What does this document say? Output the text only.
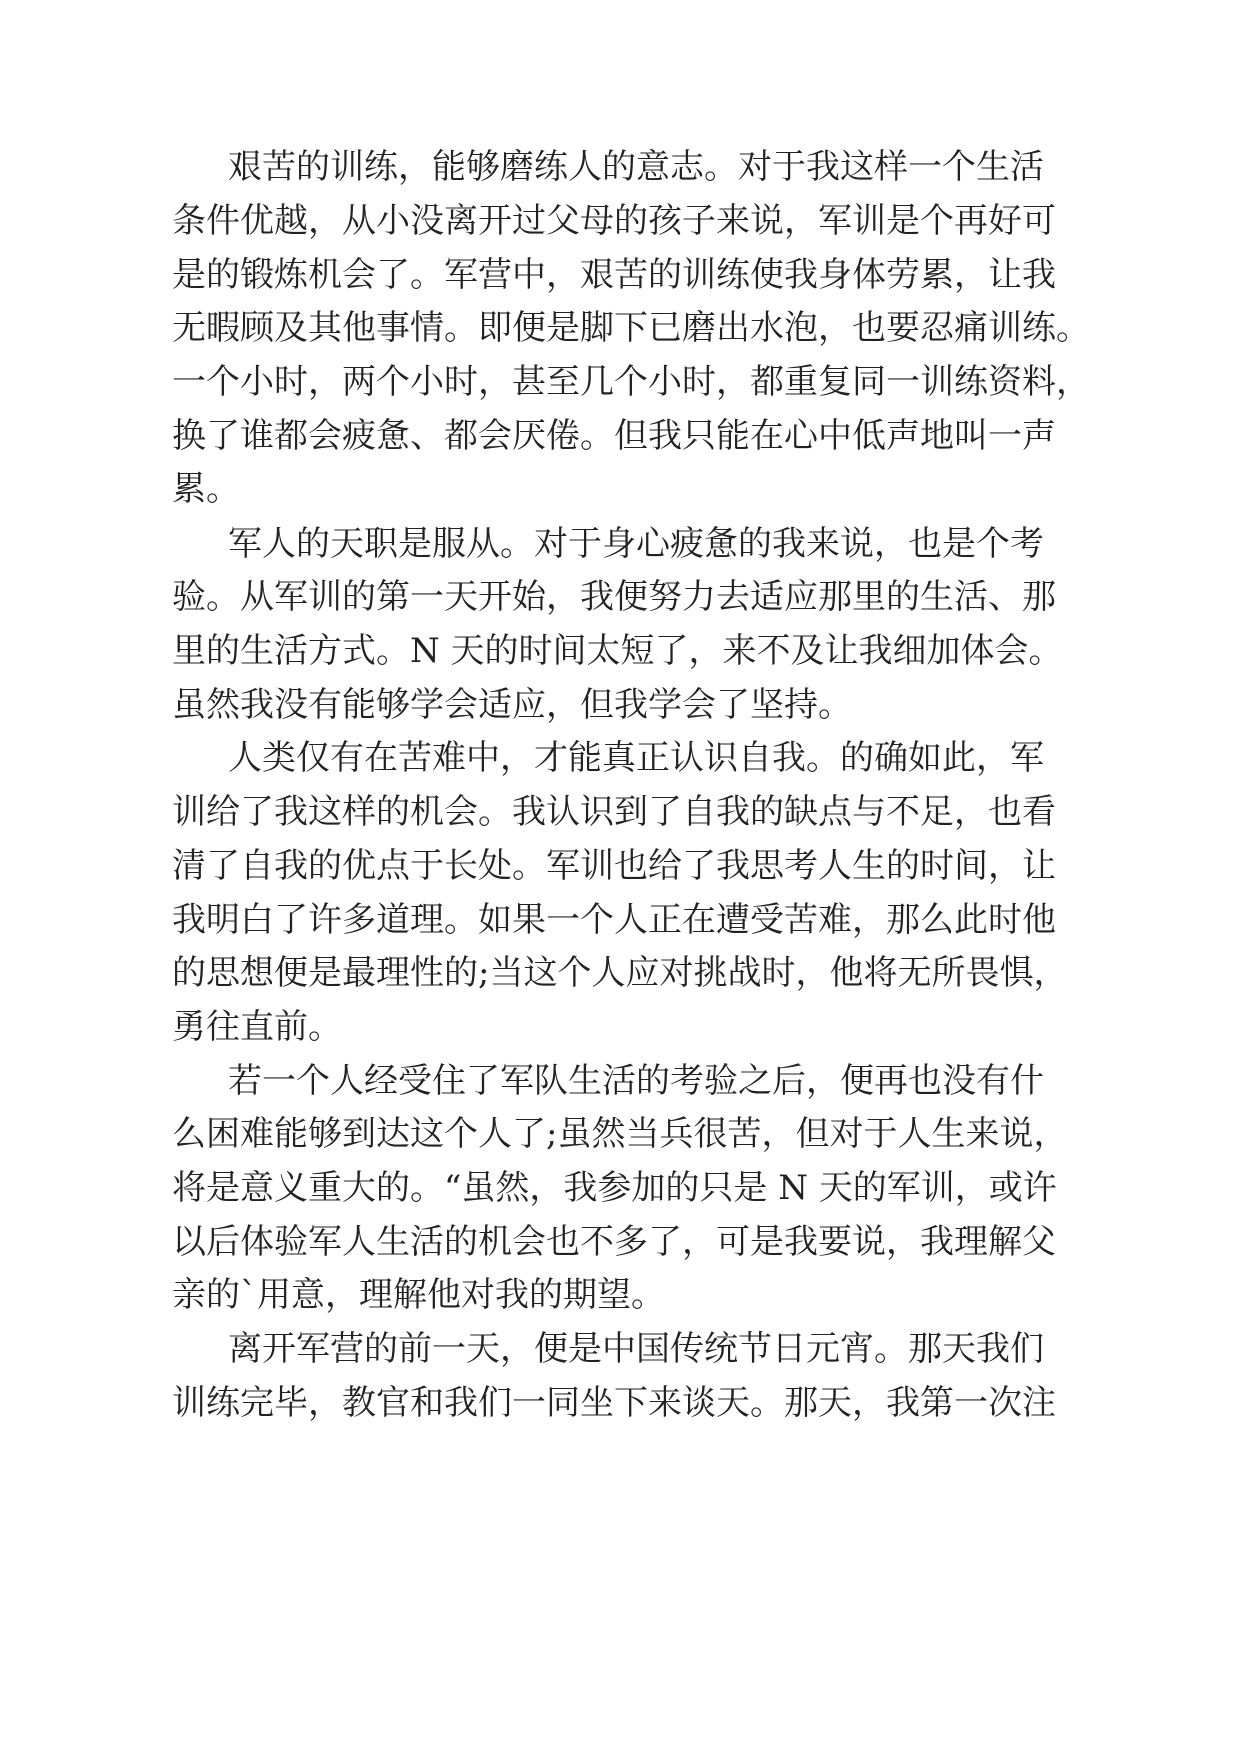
艰苦的训练，能够磨练人的意志。对于我这样一个生活

条件优越，从小没离开过父母的孩子来说，军训是个再好可

是的锻炼机会了。军营中，艰苦的训练使我身体劳累，让我

无暇顾及其他事情。即便是脚下已磨出水泡，也要忍痛训练。

一个小时，两个小时，甚至几个小时，都重复同一训练资料，

换了谁都会疲惫、都会厌倦。但我只能在心中低声地叫一声

累。

军人的天职是服从。对于身心疲惫的我来说，也是个考

验。从军训的第一天开始，我便努力去适应那里的生活、那

里的生活方式。N 天的时间太短了，来不及让我细加体会。

虽然我没有能够学会适应，但我学会了坚持。

人类仅有在苦难中，才能真正认识自我。的确如此，军

训给了我这样的机会。我认识到了自我的缺点与不足，也看

清了自我的优点于长处。军训也给了我思考人生的时间，让

我明白了许多道理。如果一个人正在遭受苦难，那么此时他

的思想便是最理性的;当这个人应对挑战时，他将无所畏惧，

勇往直前。

若一个人经受住了军队生活的考验之后，便再也没有什

么困难能够到达这个人了;虽然当兵很苦，但对于人生来说，

将是意义重大的。“虽然，我参加的只是 N 天的军训，或许

以后体验军人生活的机会也不多了，可是我要说，我理解父

亲的`用意，理解他对我的期望。

离开军营的前一天，便是中国传统节日元宵。那天我们

训练完毕，教官和我们一同坐下来谈天。那天，我第一次注
